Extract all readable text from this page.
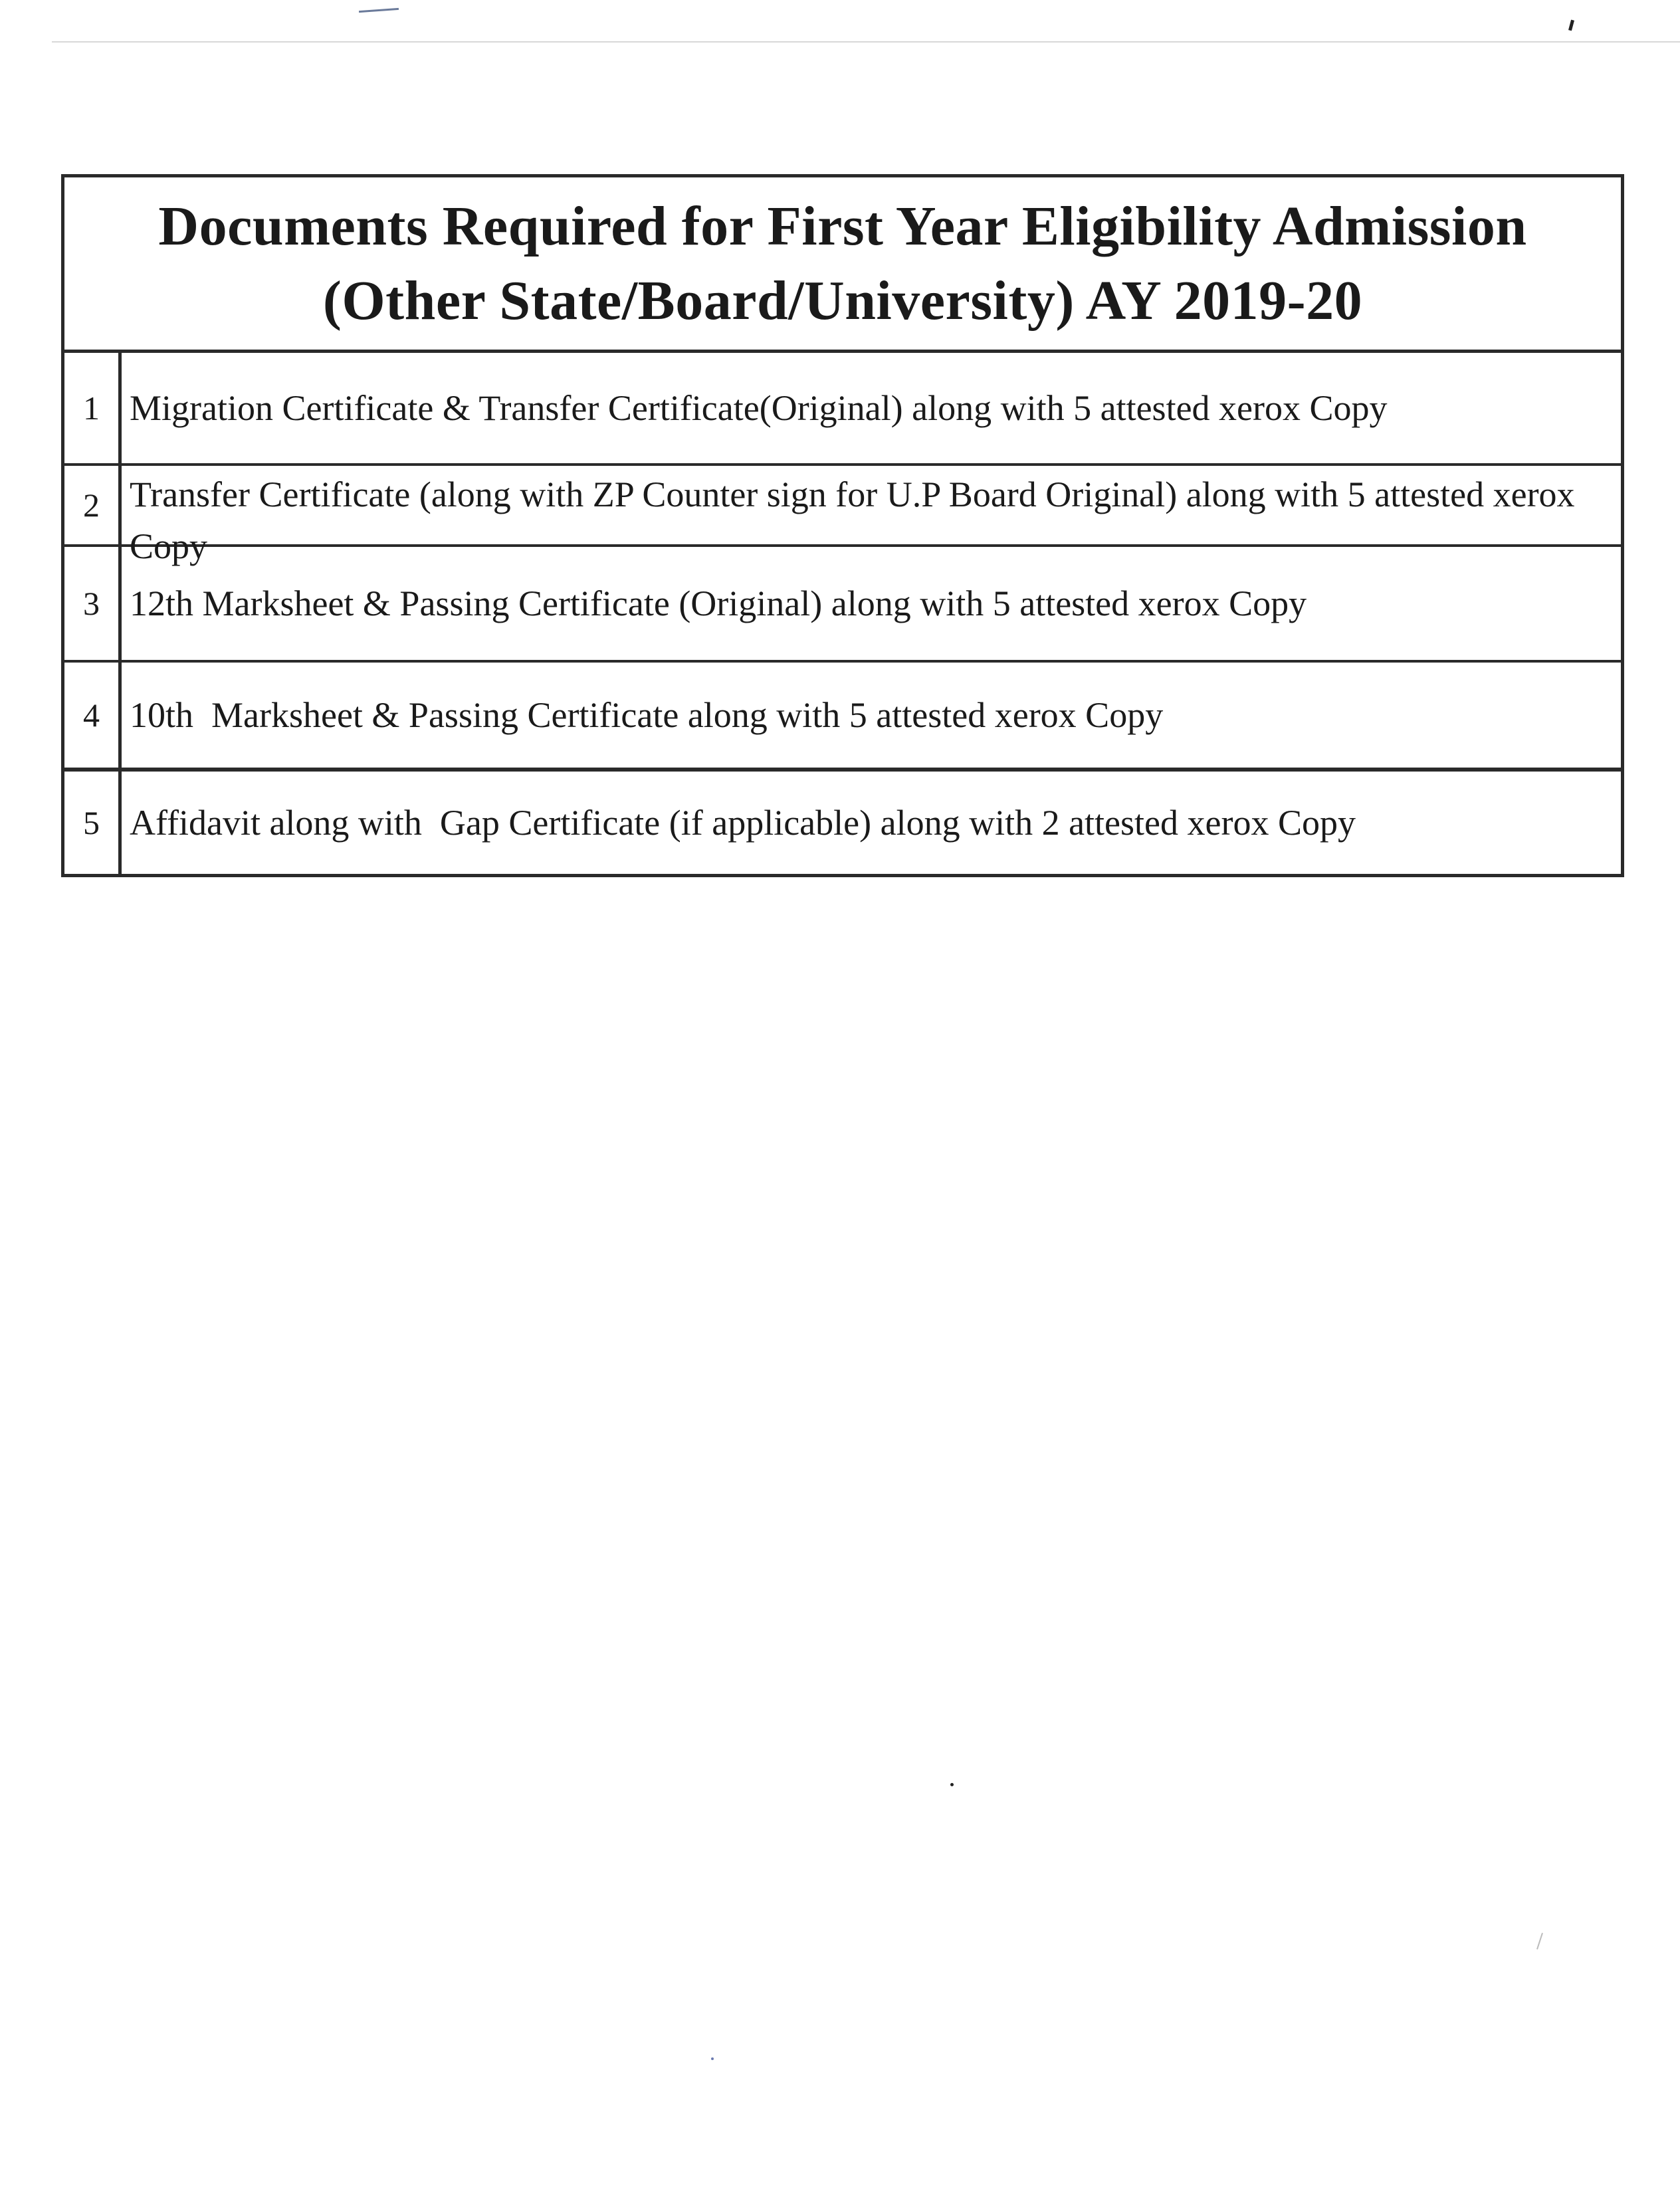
Documents Required for First Year Eligibility Admission
(Other State/Board/University) AY 2019-20
1 Migration Certificate & Transfer Certificate(Original) along with 5 attested xerox Copy
2 Transfer Certificate (along with ZP Counter sign for U.P Board Original) along with 5 attested xerox Copy
3 12th Marksheet & Passing Certificate (Original) along with 5 attested xerox Copy
4 10th  Marksheet & Passing Certificate along with 5 attested xerox Copy
5 Affidavit along with  Gap Certificate (if applicable) along with 2 attested xerox Copy
